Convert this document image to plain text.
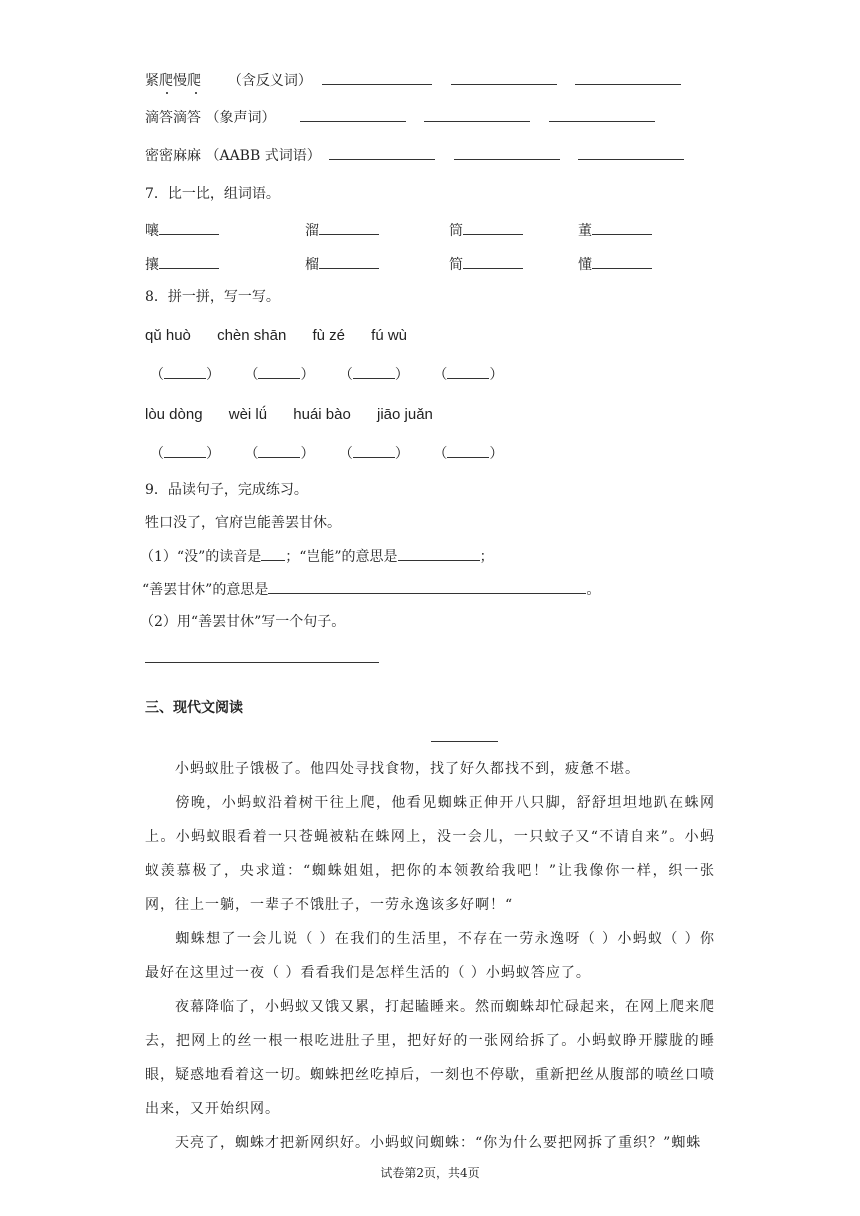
紧爬慢爬 （含反义词）
滴答滴答 （象声词）
密密麻麻 （AABB 式词语）
7．比一比，组词语。
嚷	溜	筒	董
攘	榴	简	懂
8．拼一拼，写一写。
qǔ huò chèn shān fù zé fú wù
（	） （	） （	） （	）
lòu dòng wèi lǘ huái bào jiāo juǎn
（	） （	） （	） （	）
9．品读句子，完成练习。
牲口没了，官府岂能善罢甘休。
（1）“没”的读音是 ；“岂能”的意思是	；
“善罢甘休”的意思是	。
（2）用“善罢甘休”写一个句子。
三、现代文阅读
小蚂蚁肚子饿极了。他四处寻找食物，找了好久都找不到，疲惫不堪。
傍晚，小蚂蚁沿着树干往上爬，他看见蜘蛛正伸开八只脚，舒舒坦坦地趴在蛛网上。小蚂蚁眼看着一只苍蝇被粘在蛛网上，没一会儿，一只蚊子又“不请自来”。小蚂蚁羡慕极了，央求道：“蜘蛛姐姐，把你的本领教给我吧！”让我像你一样，织一张网，往上一躺，一辈子不饿肚子，一劳永逸该多好啊！“
蜘蛛想了一会儿说（ ）在我们的生活里，不存在一劳永逸呀（ ）小蚂蚁（ ）你最好在这里过一夜（ ）看看我们是怎样生活的（ ）小蚂蚁答应了。
夜幕降临了，小蚂蚁又饿又累，打起瞌睡来。然而蜘蛛却忙碌起来，在网上爬来爬去，把网上的丝一根一根吃进肚子里，把好好的一张网给拆了。小蚂蚁睁开朦胧的睡眼，疑惑地看着这一切。蜘蛛把丝吃掉后，一刻也不停歇，重新把丝从腹部的喷丝口喷出来，又开始织网。
天亮了，蜘蛛才把新网织好。小蚂蚁问蜘蛛：“你为什么要把网拆了重织？”蜘蛛
试卷第2页，共4页
